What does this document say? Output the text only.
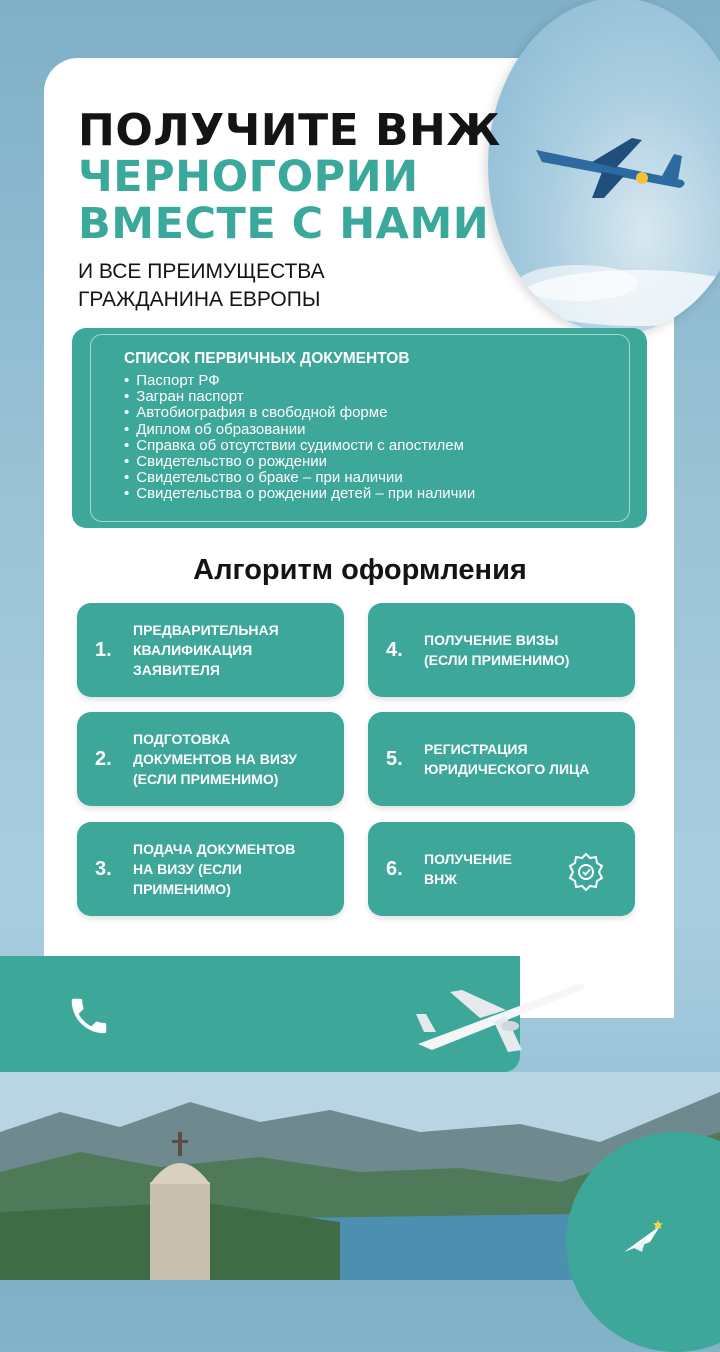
ПОЛУЧИТЕ ВНЖ
ЧЕРНОГОРИИ
ВМЕСТЕ С НАМИ
И ВСЕ ПРЕИМУЩЕСТВА
ГРАЖДАНИНА ЕВРОПЫ
СПИСОК ПЕРВИЧНЫХ ДОКУМЕНТОВ
• Паспорт РФ
• Загран паспорт
• Автобиография в свободной форме
• Диплом об образовании
• Справка об отсутствии судимости с апостилем
• Свидетельство о рождении
• Свидетельство о браке – при наличии
• Свидетельства о рождении детей – при наличии
Алгоритм оформления
1.
ПРЕДВАРИТЕЛЬНАЯ КВАЛИФИКАЦИЯ ЗАЯВИТЕЛЯ
2.
ПОДГОТОВКА ДОКУМЕНТОВ НА ВИЗУ (ЕСЛИ ПРИМЕНИМО)
3.
ПОДАЧА ДОКУМЕНТОВ НА ВИЗУ (ЕСЛИ ПРИМЕНИМО)
4. ПОЛУЧЕНИЕ ВИЗЫ (ЕСЛИ ПРИМЕНИМО)
5. РЕГИСТРАЦИЯ ЮРИДИЧЕСКОГО ЛИЦА
6. ПОЛУЧЕНИЕ ВНЖ
